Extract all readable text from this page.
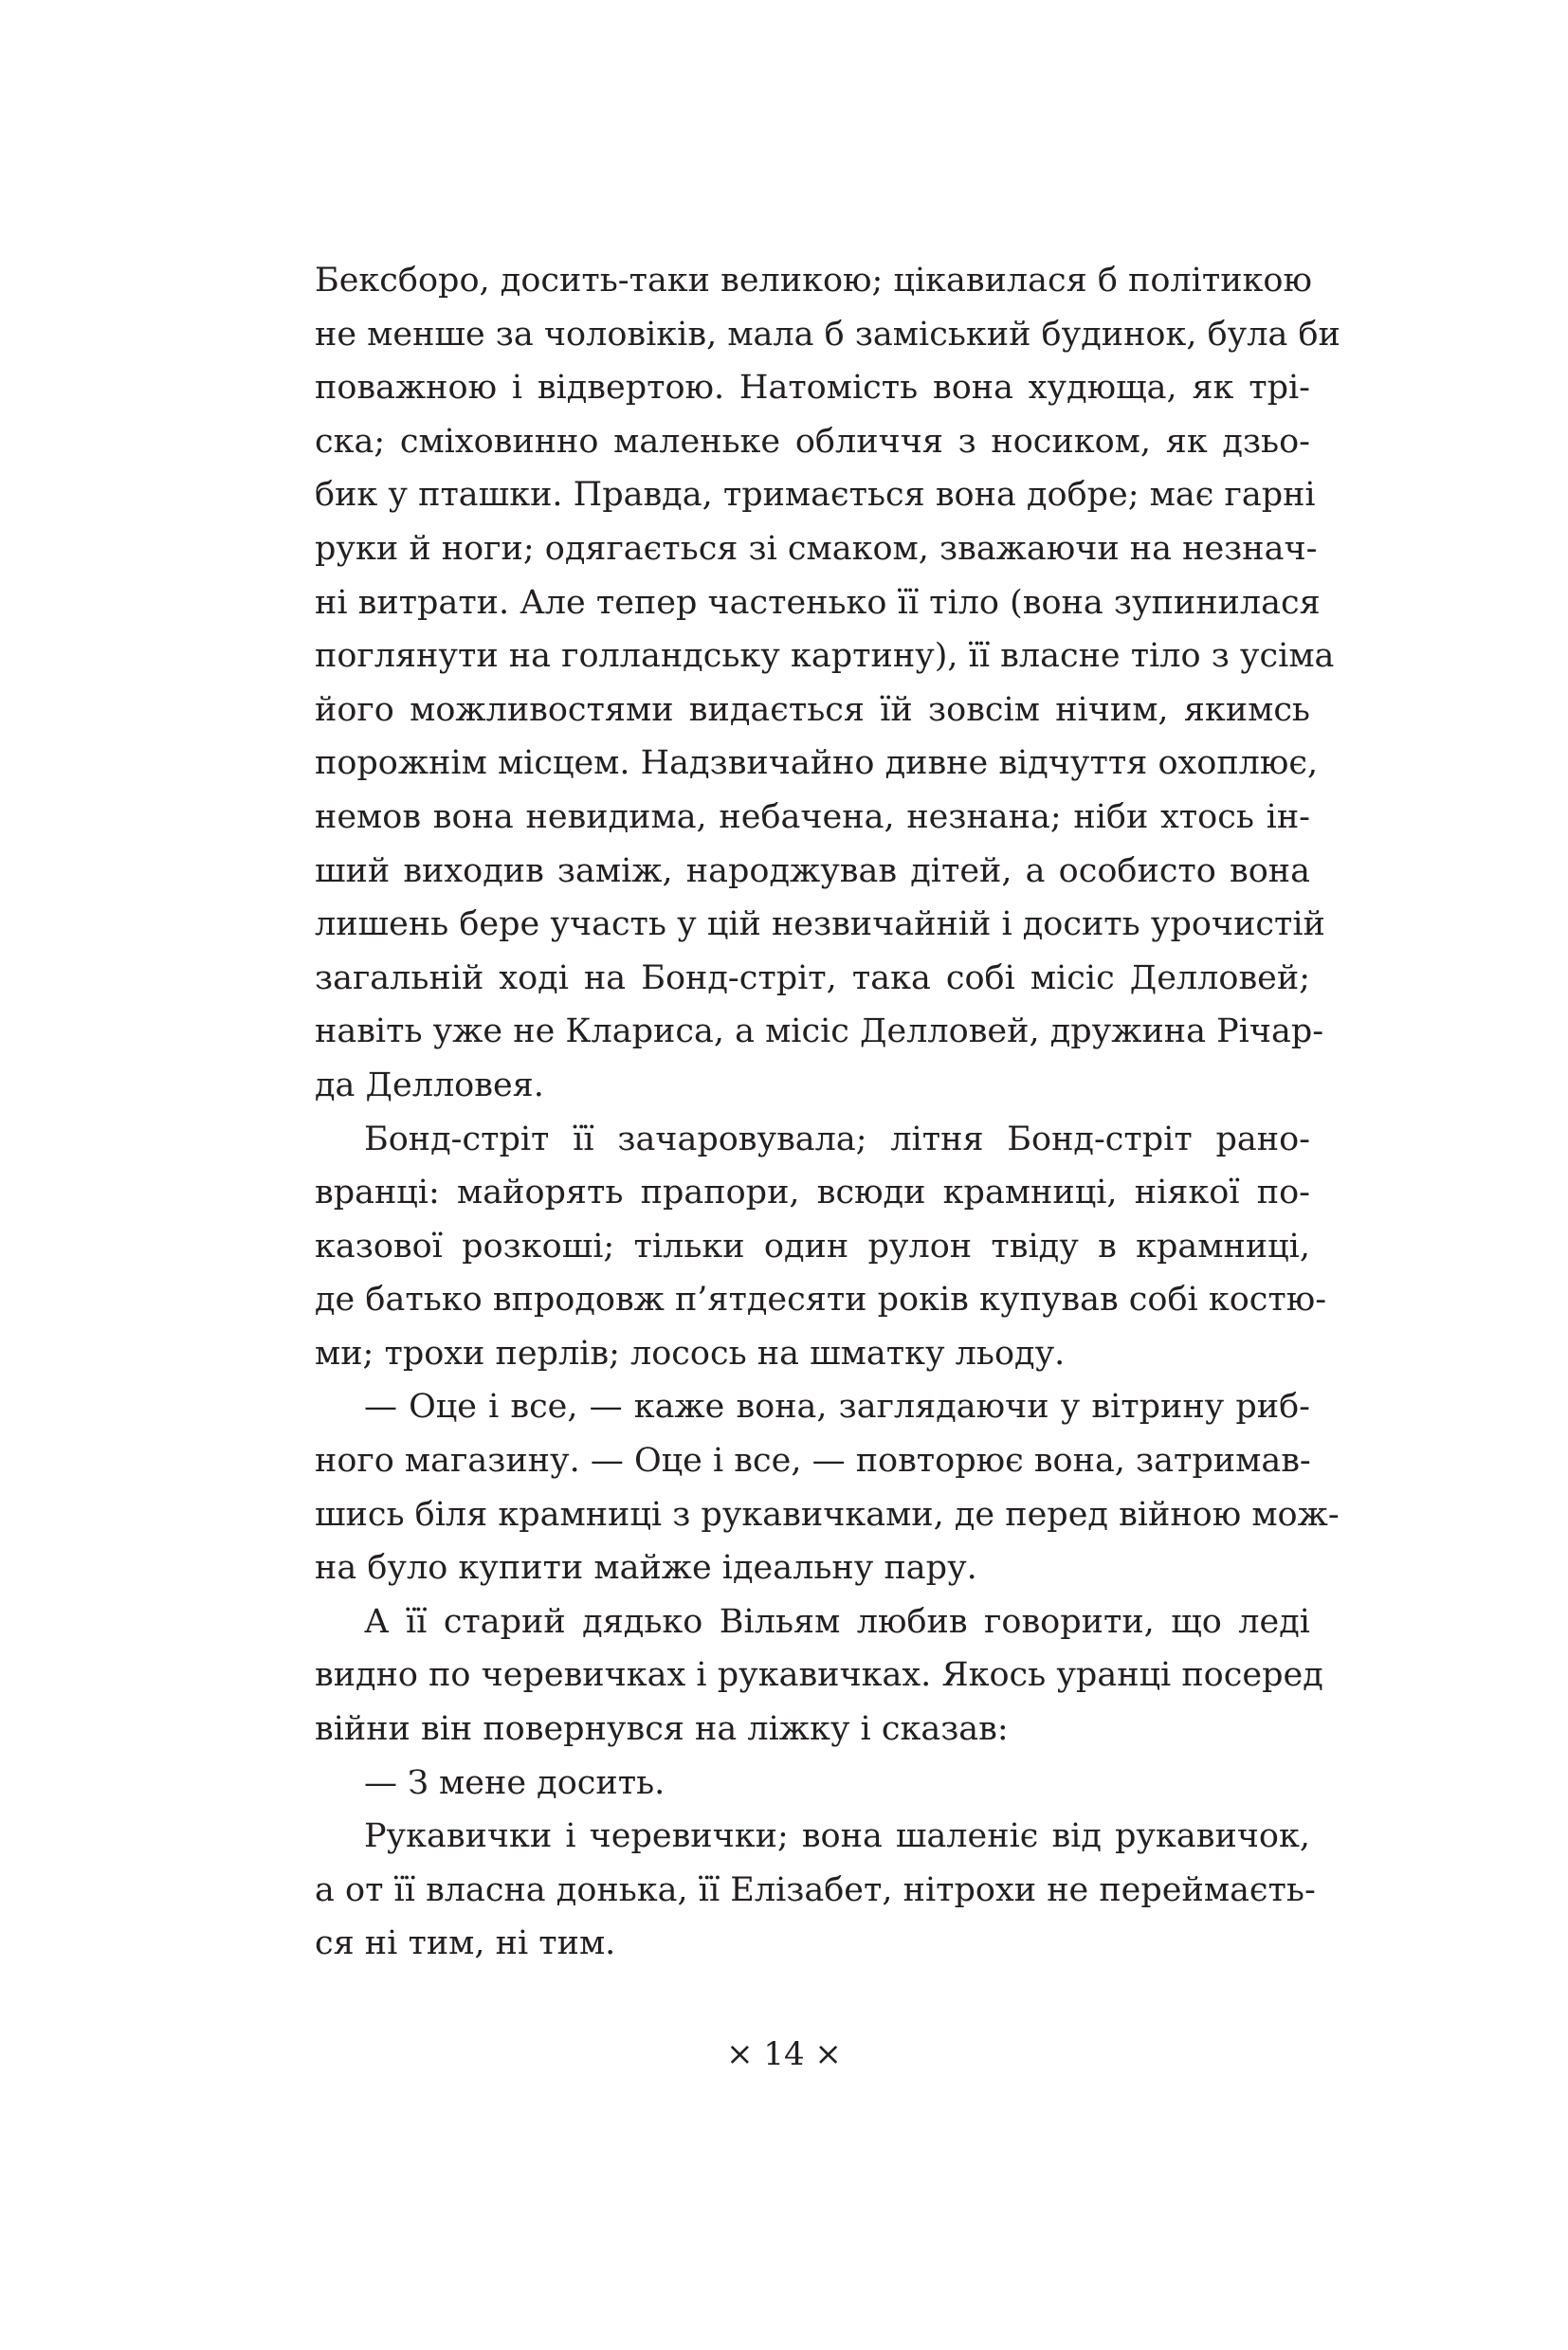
Бексборо, досить-таки великою; цікавилася б політикою
не менше за чоловіків, мала б заміський будинок, була би
поважною і відвертою. Натомість вона худюща, як трі-
ска; сміховинно маленьке обличчя з носиком, як дзьо-
бик у пташки. Правда, тримається вона добре; має гарні
руки й ноги; одягається зі смаком, зважаючи на незнач-
ні витрати. Але тепер частенько її тіло (вона зупинилася
поглянути на голландську картину), її власне тіло з усіма
його можливостями видається їй зовсім нічим, якимсь
порожнім місцем. Надзвичайно дивне відчуття охоплює,
немов вона невидима, небачена, незнана; ніби хтось ін-
ший виходив заміж, народжував дітей, а особисто вона
лишень бере участь у цій незвичайній і досить урочистій
загальній ході на Бонд-стріт, така собі місіс Делловей;
навіть уже не Клариса, а місіс Делловей, дружина Річар-
да Делловея.
Бонд-стріт її зачаровувала; літня Бонд-стріт рано-
вранці: майорять прапори, всюди крамниці, ніякої по-
казової розкоші; тільки один рулон твіду в крамниці,
де батько впродовж п’ятдесяти років купував собі костю-
ми; трохи перлів; лосось на шматку льоду.
— Оце і все, — каже вона, заглядаючи у вітрину риб-
ного магазину. — Оце і все, — повторює вона, затримав-
шись біля крамниці з рукавичками, де перед війною мож-
на було купити майже ідеальну пару.
А її старий дядько Вільям любив говорити, що леді
видно по черевичках і рукавичках. Якось уранці посеред
війни він повернувся на ліжку і сказав:
— З мене досить.
Рукавички і черевички; вона шаленіє від рукавичок,
а от її власна донька, її Елізабет, нітрохи не переймаєть-
ся ні тим, ні тим.
× 14 ×
